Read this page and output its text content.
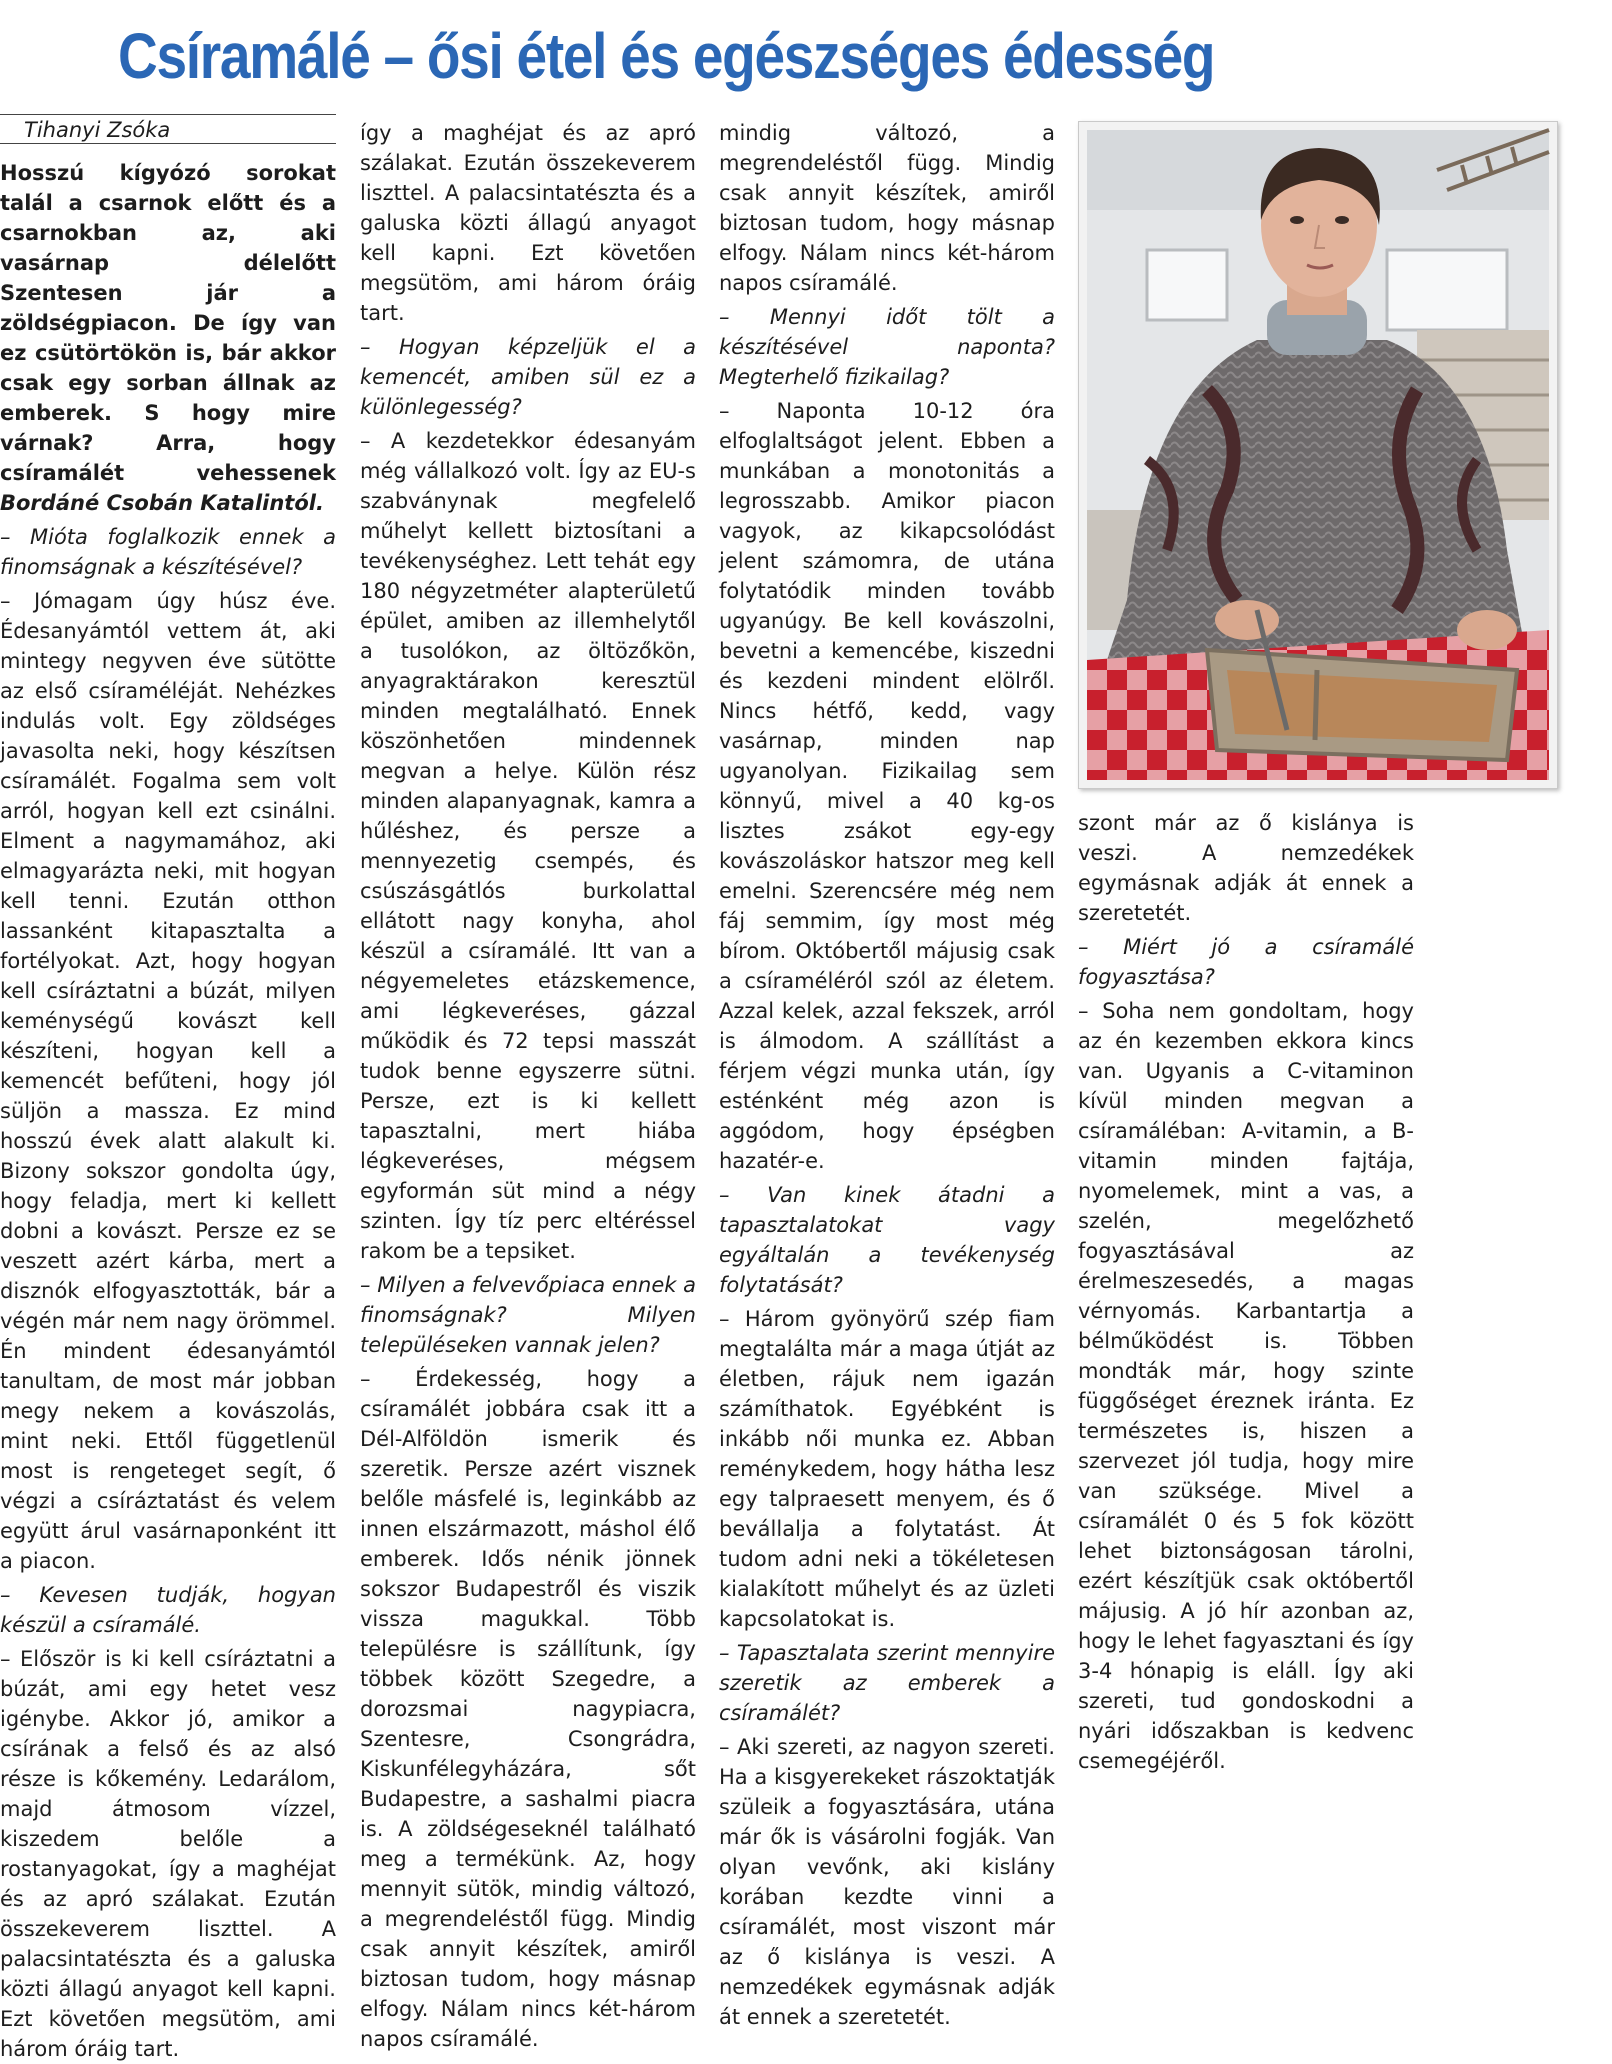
Csíramálé – ősi étel és egészséges édesség
Tihanyi Zsóka

Hosszú kígyózó sorokat talál a csarnok előtt és a csarnokban az, aki vasárnap délelőtt Szentesen jár a zöldségpiacon. De így van ez csütörtökön is, bár akkor csak egy sorban állnak az emberek. S hogy mire várnak? Arra, hogy csíramálét vehessenek Bordáné Csobán Katalintól.

– Mióta foglalkozik ennek a finomságnak a készítésével?

– Jómagam úgy húsz éve. Édesanyámtól vettem át, aki mintegy negyven éve sütötte az első csíraméléját. Nehézkes indulás volt. Egy zöldséges javasolta neki, hogy készítsen csíramálét. Fogalma sem volt arról, hogyan kell ezt csinálni. Elment a nagymamához, aki elmagyarázta neki, mit hogyan kell tenni. Ezután otthon lassanként kitapasztalta a fortélyokat. Azt, hogy hogyan kell csíráztatni a búzát, milyen keménységű kovászt kell készíteni, hogyan kell a kemencét befűteni, hogy jól süljön a massza. Ez mind hosszú évek alatt alakult ki. Bizony sokszor gondolta úgy, hogy feladja, mert ki kellett dobni a kovászt. Persze ez se veszett azért kárba, mert a disznók elfogyasztották, bár a végén már nem nagy örömmel. Én mindent édesanyámtól tanultam, de most már jobban megy nekem a kovászolás, mint neki. Ettől függetlenül most is rengeteget segít, ő végzi a csíráztatást és velem együtt árul vasárnaponként itt a piacon.

– Kevesen tudják, hogyan készül a csíramálé.

– Először is ki kell csíráztatni a búzát, ami egy hetet vesz igénybe. Akkor jó, amikor a csírának a felső és az alsó része is kőkemény. Ledarálom, majd átmosom vízzel, kiszedem belőle a rostanyagokat, így a maghéjat és az apró szálakat. Ezután összekeverem liszttel. A palacsintatészta és a galuska közti állagú anyagot kell kapni. Ezt követően megsütöm, ami három óráig tart.

így a maghéjat és az apró szálakat. Ezután összekeverem liszttel. A palacsintatészta és a galuska közti állagú anyagot kell kapni. Ezt követően megsütöm, ami három óráig tart.

– Hogyan képzeljük el a kemencét, amiben sül ez a különlegesség?

– A kezdetekkor édesanyám még vállalkozó volt. Így az EU-s szabványnak megfelelő műhelyt kellett biztosítani a tevékenységhez. Lett tehát egy 180 négyzetméter alapterületű épület, amiben az illemhelytől a tusolókon, az öltözőkön, anyagraktárakon keresztül minden megtalálható. Ennek köszönhetően mindennek megvan a helye. Külön rész minden alapanyagnak, kamra a hűléshez, és persze a mennyezetig csempés, és csúszásgátlós burkolattal ellátott nagy konyha, ahol készül a csíramálé. Itt van a négyemeletes etázskemence, ami légkeveréses, gázzal működik és 72 tepsi masszát tudok benne egyszerre sütni. Persze, ezt is ki kellett tapasztalni, mert hiába légkeveréses, mégsem egyformán süt mind a négy szinten. Így tíz perc eltéréssel rakom be a tepsiket.

– Milyen a felvevőpiaca ennek a finomságnak? Milyen településeken vannak jelen?

– Érdekesség, hogy a csíramálét jobbára csak itt a Dél-Alföldön ismerik és szeretik. Persze azért visznek belőle másfelé is, leginkább az innen elszármazott, máshol élő emberek. Idős nénik jönnek sokszor Budapestről és viszik vissza magukkal. Több településre is szállítunk, így többek között Szegedre, a dorozsmai nagypiacra, Szentesre, Csongrádra, Kiskunfélegyházára, sőt Budapestre, a sashalmi piacra is. A zöldségeseknél található meg a termékünk. Az, hogy mennyit sütök, mindig változó, a megrendeléstől függ. Mindig csak annyit készítek, amiről biztosan tudom, hogy másnap elfogy. Nálam nincs két-három napos csíramálé.

mindig változó, a megrendeléstől függ. Mindig csak annyit készítek, amiről biztosan tudom, hogy másnap elfogy. Nálam nincs két-három napos csíramálé.

– Mennyi időt tölt a készítésével naponta? Megterhelő fizikailag?

– Naponta 10-12 óra elfoglaltságot jelent. Ebben a munkában a monotonitás a legrosszabb. Amikor piacon vagyok, az kikapcsolódást jelent számomra, de utána folytatódik minden tovább ugyanúgy. Be kell kovászolni, bevetni a kemencébe, kiszedni és kezdeni mindent elölről. Nincs hétfő, kedd, vagy vasárnap, minden nap ugyanolyan. Fizikailag sem könnyű, mivel a 40 kg-os lisztes zsákot egy-egy kovászoláskor hatszor meg kell emelni. Szerencsére még nem fáj semmim, így most még bírom. Októbertől májusig csak a csíraméléról szól az életem. Azzal kelek, azzal fekszek, arról is álmodom. A szállítást a férjem végzi munka után, így esténként még azon is aggódom, hogy épségben hazatér-e.

– Van kinek átadni a tapasztalatokat vagy egyáltalán a tevékenység folytatását?

– Három gyönyörű szép fiam megtalálta már a maga útját az életben, rájuk nem igazán számíthatok. Egyébként is inkább női munka ez. Abban reménykedem, hogy hátha lesz egy talpraesett menyem, és ő bevállalja a folytatást. Át tudom adni neki a tökéletesen kialakított műhelyt és az üzleti kapcsolatokat is.

– Tapasztalata szerint mennyire szeretik az emberek a csíramálét?

– Aki szereti, az nagyon szereti. Ha a kisgyerekeket rászoktatják szüleik a fogyasztására, utána már ők is vásárolni fogják. Van olyan vevőnk, aki kislány korában kezdte vinni a csíramálét, most viszont már az ő kislánya is veszi. A nemzedékek egymásnak adják át ennek a szeretetét.

szont már az ő kislánya is veszi. A nemzedékek egymásnak adják át ennek a szeretetét.

– Miért jó a csíramálé fogyasztása?

– Soha nem gondoltam, hogy az én kezemben ekkora kincs van. Ugyanis a C-vitaminon kívül minden megvan a csíramáléban: A-vitamin, a B-vitamin minden fajtája, nyomelemek, mint a vas, a szelén, megelőzhető fogyasztásával az érelmeszesedés, a magas vérnyomás. Karbantartja a bélműködést is. Többen mondták már, hogy szinte függőséget éreznek iránta. Ez természetes is, hiszen a szervezet jól tudja, hogy mire van szüksége. Mivel a csíramálét 0 és 5 fok között lehet biztonságosan tárolni, ezért készítjük csak októbertől májusig. A jó hír azonban az, hogy le lehet fagyasztani és így 3-4 hónapig is eláll. Így aki szereti, tud gondoskodni a nyári időszakban is kedvenc csemegéjéről.
